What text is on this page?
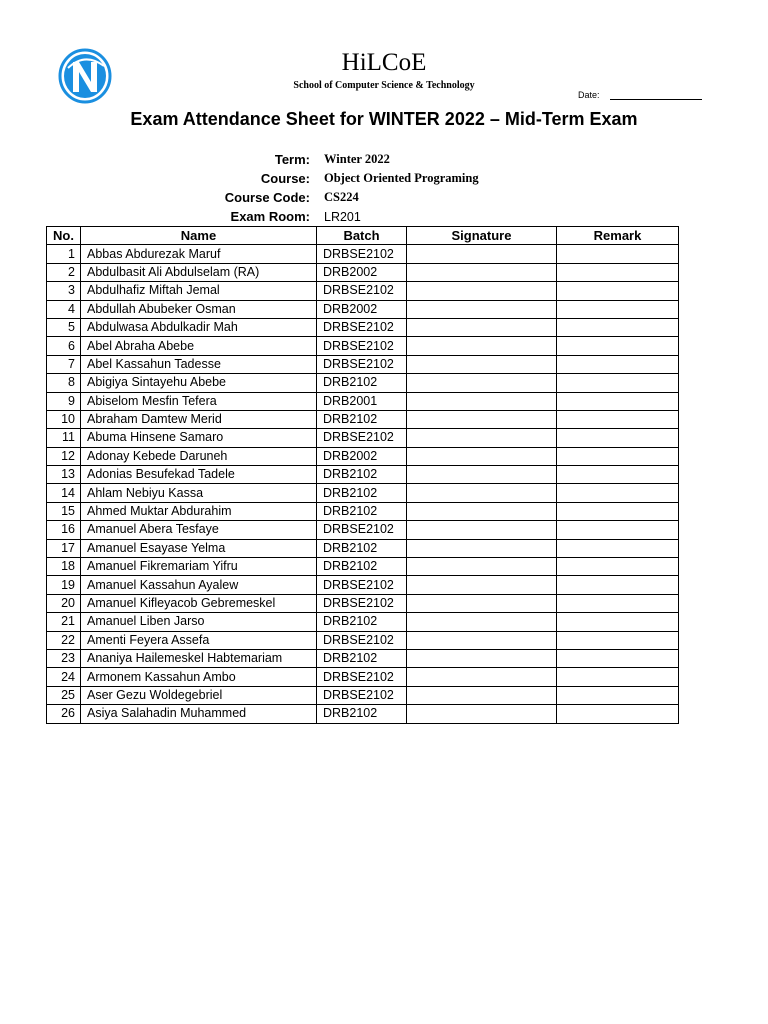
HiLCoE
School of Computer Science & Technology
Date:
Exam Attendance Sheet for WINTER 2022 – Mid-Term Exam
Term:	Winter 2022
Course:	Object Oriented Programing
Course Code:	CS224
Exam Room:	LR201
No.	Name	Batch	Signature	Remark
1	Abbas Abdurezak Maruf	DRBSE2102		
2	Abdulbasit Ali Abdulselam (RA)	DRB2002		
3	Abdulhafiz Miftah Jemal	DRBSE2102		
4	Abdullah Abubeker Osman	DRB2002		
5	Abdulwasa Abdulkadir Mah	DRBSE2102		
6	Abel Abraha Abebe	DRBSE2102		
7	Abel Kassahun Tadesse	DRBSE2102		
8	Abigiya Sintayehu Abebe	DRB2102		
9	Abiselom Mesfin Tefera	DRB2001		
10	Abraham Damtew Merid	DRB2102		
11	Abuma Hinsene Samaro	DRBSE2102		
12	Adonay Kebede Daruneh	DRB2002		
13	Adonias Besufekad Tadele	DRB2102		
14	Ahlam Nebiyu Kassa	DRB2102		
15	Ahmed Muktar Abdurahim	DRB2102		
16	Amanuel Abera Tesfaye	DRBSE2102		
17	Amanuel Esayase Yelma	DRB2102		
18	Amanuel Fikremariam Yifru	DRB2102		
19	Amanuel Kassahun Ayalew	DRBSE2102		
20	Amanuel Kifleyacob Gebremeskel	DRBSE2102		
21	Amanuel Liben Jarso	DRB2102		
22	Amenti Feyera Assefa	DRBSE2102		
23	Ananiya Hailemeskel Habtemariam	DRB2102		
24	Armonem Kassahun Ambo	DRBSE2102		
25	Aser Gezu Woldegebriel	DRBSE2102		
26	Asiya Salahadin Muhammed	DRB2102		
